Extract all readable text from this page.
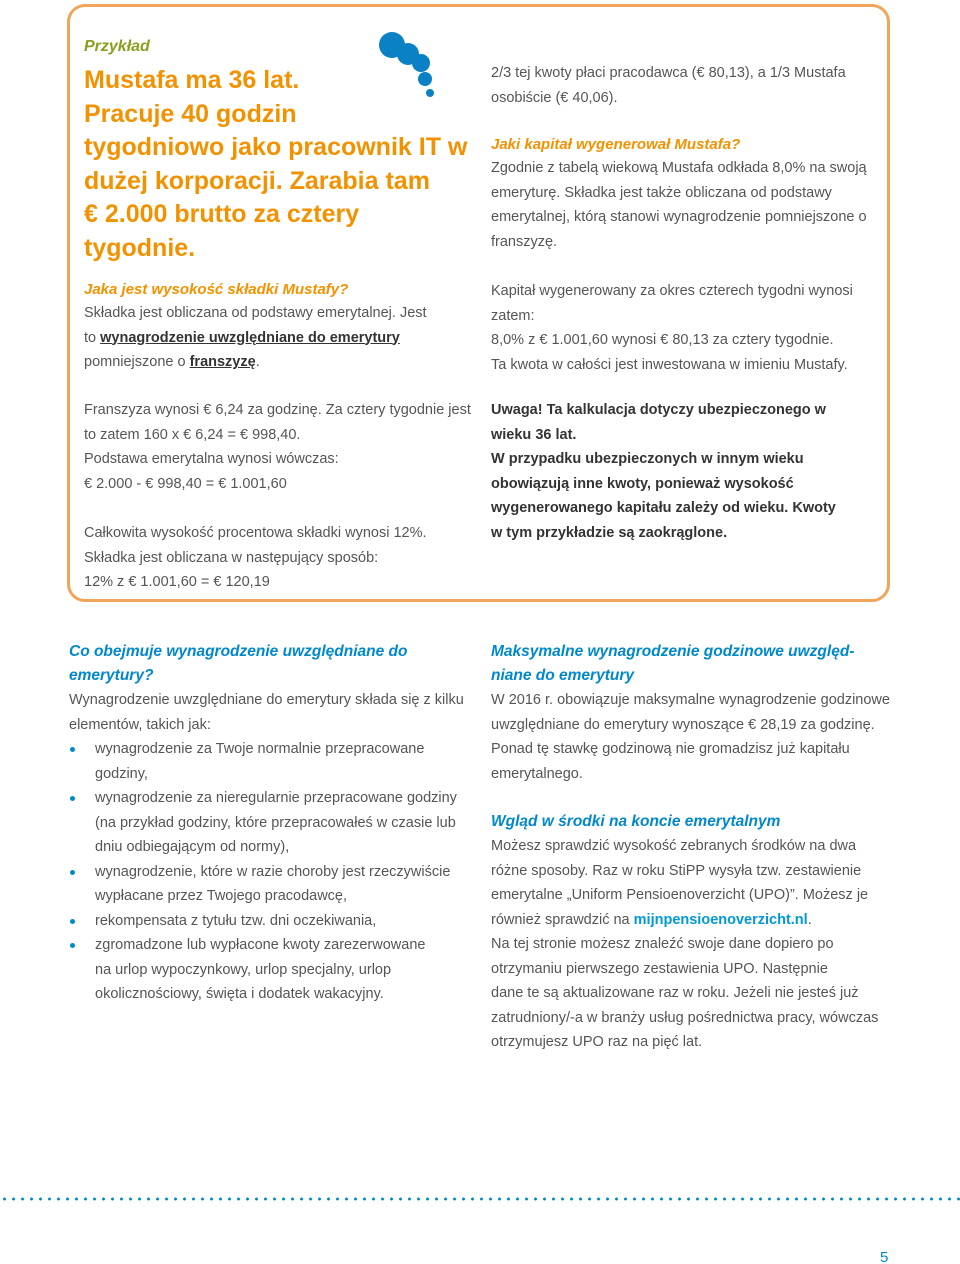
Przykład

Mustafa ma 36 lat.

Pracuje 40 godzin

tygodniowo jako pracownik IT w

dużej korporacji. Zarabia tam

€ 2.000 brutto za cztery

tygodnie.

Jaka jest wysokość składki Mustafy?

Składka jest obliczana od podstawy emerytalnej. Jest

to wynagrodzenie uwzględniane do emerytury

pomniejszone o franszyzę.

Franszyza wynosi € 6,24 za godzinę. Za cztery tygodnie jest

to zatem 160 x € 6,24 = € 998,40.

Podstawa emerytalna wynosi wówczas:

€ 2.000 - € 998,40 = € 1.001,60

Całkowita wysokość procentowa składki wynosi 12%.

Składka jest obliczana w następujący sposób:

12% z € 1.001,60 = € 120,19

2/3 tej kwoty płaci pracodawca (€ 80,13), a 1/3 Mustafa

osobiście (€ 40,06).

Jaki kapitał wygenerował Mustafa?

Zgodnie z tabelą wiekową Mustafa odkłada 8,0% na swoją

emeryturę. Składka jest także obliczana od podstawy

emerytalnej, którą stanowi wynagrodzenie pomniejszone o

franszyzę.

Kapitał wygenerowany za okres czterech tygodni wynosi

zatem:

8,0% z € 1.001,60 wynosi € 80,13 za cztery tygodnie.

Ta kwota w całości jest inwestowana w imieniu Mustafy.

Uwaga! Ta kalkulacja dotyczy ubezpieczonego w

wieku 36 lat.

W przypadku ubezpieczonych w innym wieku

obowiązują inne kwoty, ponieważ wysokość

wygenerowanego kapitału zależy od wieku. Kwoty

w tym przykładzie są zaokrąglone.

Co obejmuje wynagrodzenie uwzględniane do

emerytury?

Wynagrodzenie uwzględniane do emerytury składa się z kilku

elementów, takich jak:

wynagrodzenie za Twoje normalnie przepracowane
godziny,
wynagrodzenie za nieregularnie przepracowane godziny
(na przykład godziny, które przepracowałeś w czasie lub
dniu odbiegającym od normy),
wynagrodzenie, które w razie choroby jest rzeczywiście
wypłacane przez Twojego pracodawcę,
rekompensata z tytułu tzw. dni oczekiwania,
zgromadzone lub wypłacone kwoty zarezerwowane
na urlop wypoczynkowy, urlop specjalny, urlop
okolicznościowy, święta i dodatek wakacyjny.

Maksymalne wynagrodzenie godzinowe uwzględ-

niane do emerytury

W 2016 r. obowiązuje maksymalne wynagrodzenie godzinowe

uwzględniane do emerytury wynoszące € 28,19 za godzinę.

Ponad tę stawkę godzinową nie gromadzisz już kapitału

emerytalnego.

Wgląd w środki na koncie emerytalnym

Możesz sprawdzić wysokość zebranych środków na dwa

różne sposoby. Raz w roku StiPP wysyła tzw. zestawienie

emerytalne „Uniform Pensioenoverzicht (UPO)”. Możesz je

również sprawdzić na mijnpensioenoverzicht.nl.

Na tej stronie możesz znaleźć swoje dane dopiero po

otrzymaniu pierwszego zestawienia UPO. Następnie

dane te są aktualizowane raz w roku. Jeżeli nie jesteś już

zatrudniony/-a w branży usług pośrednictwa pracy, wówczas

otrzymujesz UPO raz na pięć lat.

5
